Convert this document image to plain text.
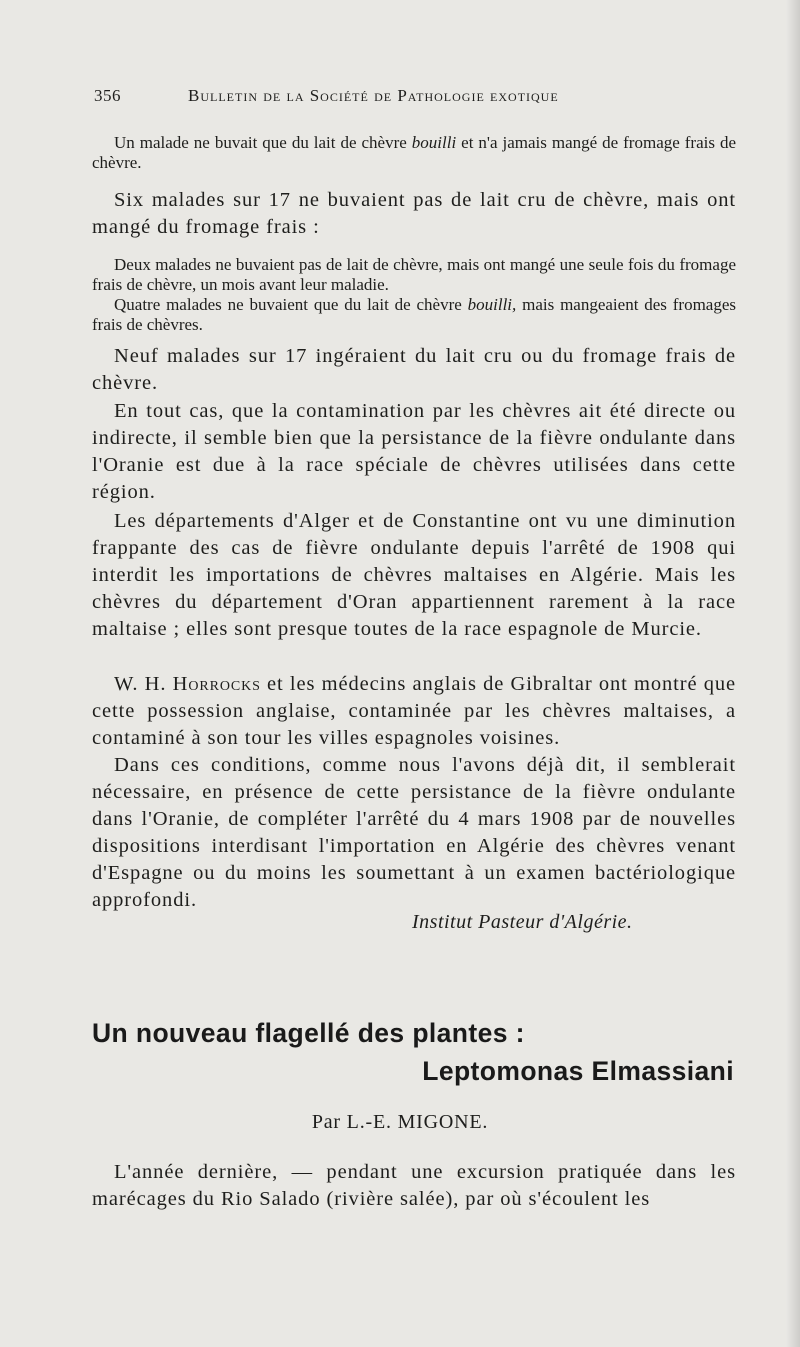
356	Bulletin de la Société de Pathologie exotique

Un malade ne buvait que du lait de chèvre bouilli et n'a jamais mangé de fromage frais de chèvre.

Six malades sur 17 ne buvaient pas de lait cru de chèvre, mais ont mangé du fromage frais :

Deux malades ne buvaient pas de lait de chèvre, mais ont mangé une seule fois du fromage frais de chèvre, un mois avant leur maladie.

Quatre malades ne buvaient que du lait de chèvre bouilli, mais mangeaient des fromages frais de chèvres.

Neuf malades sur 17 ingéraient du lait cru ou du fromage frais de chèvre.

En tout cas, que la contamination par les chèvres ait été directe ou indirecte, il semble bien que la persistance de la fièvre ondulante dans l'Oranie est due à la race spéciale de chèvres utilisées dans cette région.

Les départements d'Alger et de Constantine ont vu une diminution frappante des cas de fièvre ondulante depuis l'arrêté de 1908 qui interdit les importations de chèvres maltaises en Algérie. Mais les chèvres du département d'Oran appartiennent rarement à la race maltaise ; elles sont presque toutes de la race espagnole de Murcie.

W. H. Horrocks et les médecins anglais de Gibraltar ont montré que cette possession anglaise, contaminée par les chèvres maltaises, a contaminé à son tour les villes espagnoles voisines.

Dans ces conditions, comme nous l'avons déjà dit, il semblerait nécessaire, en présence de cette persistance de la fièvre ondulante dans l'Oranie, de compléter l'arrêté du 4 mars 1908 par de nouvelles dispositions interdisant l'importation en Algérie des chèvres venant d'Espagne ou du moins les soumettant à un examen bactériologique approfondi.

Institut Pasteur d'Algérie.
Un nouveau flagellé des plantes :
Leptomonas Elmassiani
Par L.-E. MIGONE.

L'année dernière, — pendant une excursion pratiquée dans les marécages du Rio Salado (rivière salée), par où s'écoulent les
